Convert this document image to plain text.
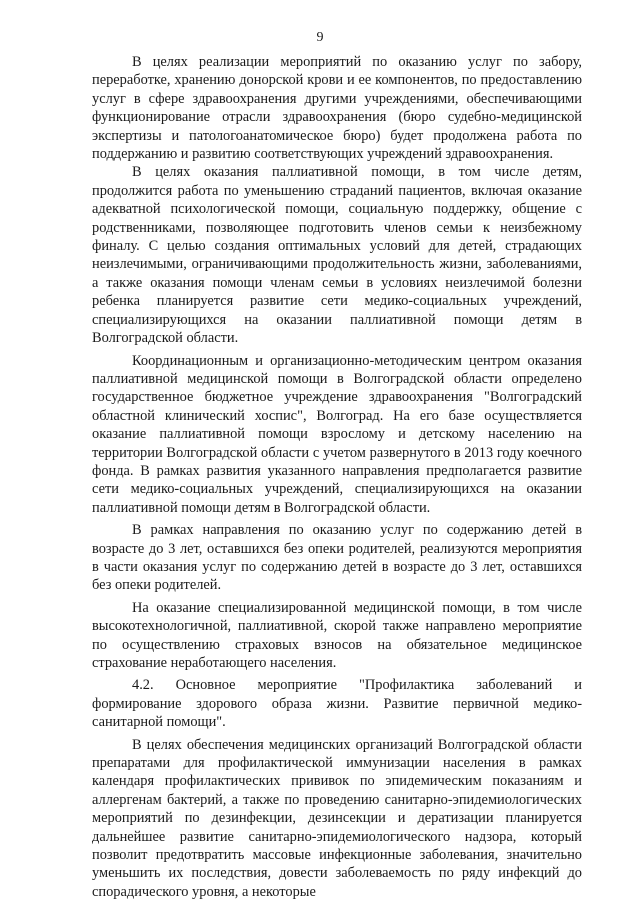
9

В целях реализации мероприятий по оказанию услуг по забору, переработке, хранению донорской крови и ее компонентов, по предоставлению услуг в сфере здравоохранения другими учреждениями, обеспечивающими функционирование отрасли здравоохранения (бюро судебно-медицинской экспертизы и патологоанатомическое бюро) будет продолжена работа по поддержанию и развитию соответствующих учреждений здравоохранения.

В целях оказания паллиативной помощи, в том числе детям, продолжится работа по уменьшению страданий пациентов, включая оказание адекватной психологической помощи, социальную поддержку, общение с родственниками, позволяющее подготовить членов семьи к неизбежному финалу. С целью создания оптимальных условий для детей, страдающих неизлечимыми, ограничивающими продолжительность жизни, заболеваниями, а также оказания помощи членам семьи в условиях неизлечимой болезни ребенка планируется развитие сети медико-социальных учреждений, специализирующихся на оказании паллиативной помощи детям в Волгоградской области.

Координационным и организационно-методическим центром оказания паллиативной медицинской помощи в Волгоградской области определено государственное бюджетное учреждение здравоохранения "Волгоградский областной клинический хоспис", Волгоград. На его базе осуществляется оказание паллиативной помощи взрослому и детскому населению на территории Волгоградской области с учетом развернутого в 2013 году коечного фонда. В рамках развития указанного направления предполагается развитие сети медико-социальных учреждений, специализирующихся на оказании паллиативной помощи детям в Волгоградской области.

В рамках направления по оказанию услуг по содержанию детей в возрасте до 3 лет, оставшихся без опеки родителей, реализуются мероприятия в части оказания услуг по содержанию детей в возрасте до 3 лет, оставшихся без опеки родителей.

На оказание специализированной медицинской помощи, в том числе высокотехнологичной, паллиативной, скорой также направлено мероприятие по осуществлению страховых взносов на обязательное медицинское страхование неработающего населения.

4.2. Основное мероприятие "Профилактика заболеваний и формирование здорового образа жизни. Развитие первичной медико-санитарной помощи".

В целях обеспечения медицинских организаций Волгоградской области препаратами для профилактической иммунизации населения в рамках календаря профилактических прививок по эпидемическим показаниям и аллергенам бактерий, а также по проведению санитарно-эпидемиологических мероприятий по дезинфекции, дезинсекции и дератизации планируется дальнейшее развитие санитарно-эпидемиологического надзора, который позволит предотвратить массовые инфекционные заболевания, значительно уменьшить их последствия, довести заболеваемость по ряду инфекций до спорадического уровня, а некоторые
